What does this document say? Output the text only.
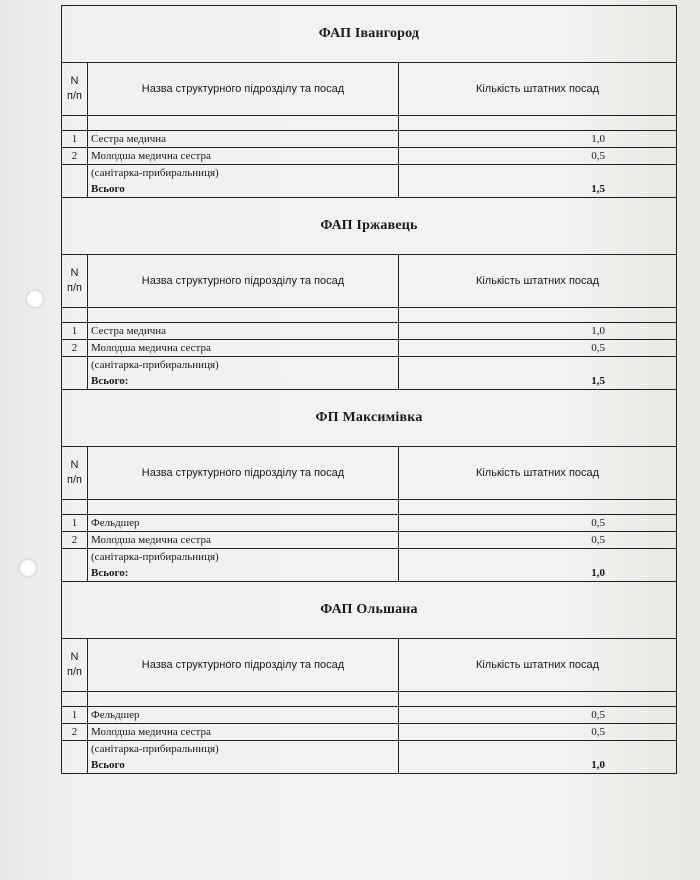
ФАП Івангород
N
п/п
Назва структурного підрозділу та посад	Кількість штатних посад
1	Сестра медична	1,0
2	Молодша медична сестра	0,5
(санітарка-прибиральниця)
Всього	1,5
ФАП Іржавець
N
п/п
Назва структурного підрозділу та посад	Кількість штатних посад
1	Сестра медична	1,0
2	Молодша медична сестра	0,5
(санітарка-прибиральниця)
Всього:	1,5
ФП Максимівка
N
п/п
Назва структурного підрозділу та посад	Кількість штатних посад
1	Фельдшер	0,5
2	Молодша медична сестра	0,5
(санітарка-прибиральниця)
Всього:	1,0
ФАП Ольшана
N
п/п
Назва структурного підрозділу та посад	Кількість штатних посад
1	Фельдшер	0,5
2	Молодша медична сестра	0,5
(санітарка-прибиральниця)
Всього	1,0
